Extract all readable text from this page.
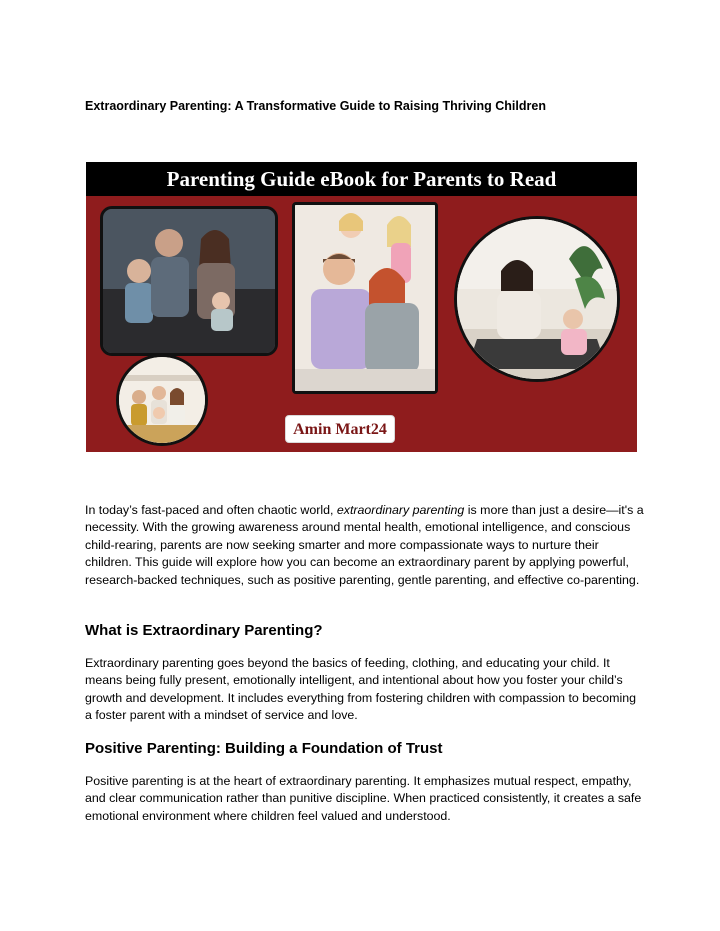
Extraordinary Parenting: A Transformative Guide to Raising Thriving Children
Parenting Guide eBook for Parents to Read
Amin Mart24

In today’s fast-paced and often chaotic world, extraordinary parenting is more than just a desire—it's a necessity. With the growing awareness around mental health, emotional intelligence, and conscious child-rearing, parents are now seeking smarter and more compassionate ways to nurture their children. This guide will explore how you can become an extraordinary parent by applying powerful, research-backed techniques, such as positive parenting, gentle parenting, and effective co-parenting.

What is Extraordinary Parenting?

Extraordinary parenting goes beyond the basics of feeding, clothing, and educating your child. It means being fully present, emotionally intelligent, and intentional about how you foster your child’s growth and development. It includes everything from fostering children with compassion to becoming a foster parent with a mindset of service and love.

Positive Parenting: Building a Foundation of Trust

Positive parenting is at the heart of extraordinary parenting. It emphasizes mutual respect, empathy, and clear communication rather than punitive discipline. When practiced consistently, it creates a safe emotional environment where children feel valued and understood.
